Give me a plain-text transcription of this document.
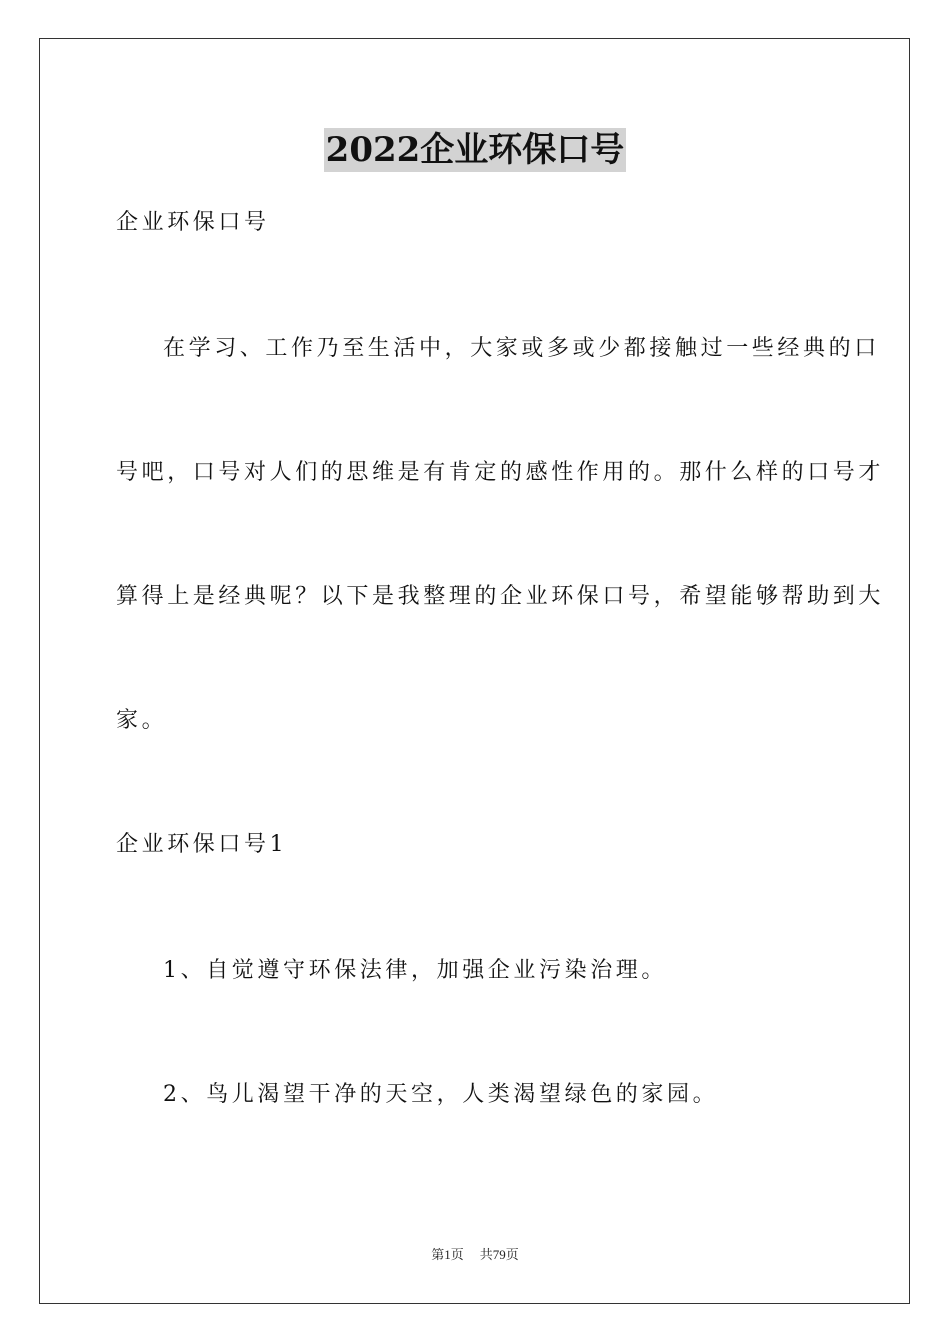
2022企业环保口号

企业环保口号

在学习、工作乃至生活中，大家或多或少都接触过一些经典的口

号吧，口号对人们的思维是有肯定的感性作用的。那什么样的口号才

算得上是经典呢？以下是我整理的企业环保口号，希望能够帮助到大

家。

企业环保口号1

1、自觉遵守环保法律，加强企业污染治理。

2、鸟儿渴望干净的天空，人类渴望绿色的家园。

第1页 共79页
